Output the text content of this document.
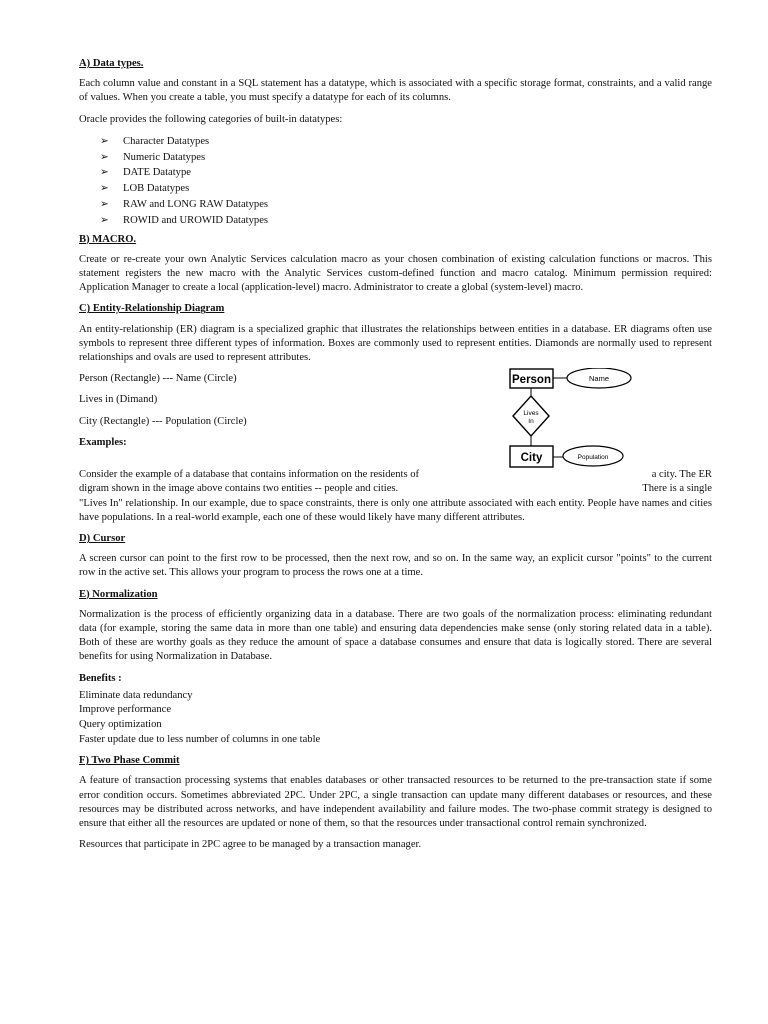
A) Data types.

Each column value and constant in a SQL statement has a datatype, which is associated with a specific storage format, constraints, and a valid range of values. When you create a table, you must specify a datatype for each of its columns.

Oracle provides the following categories of built-in datatypes:

➢ Character Datatypes
➢ Numeric Datatypes
➢ DATE Datatype
➢ LOB Datatypes
➢ RAW and LONG RAW Datatypes
➢ ROWID and UROWID Datatypes
B) MACRO.

Create or re-create your own Analytic Services calculation macro as your chosen combination of existing calculation functions or macros. This statement registers the new macro with the Analytic Services custom-defined function and macro catalog. Minimum permission required: Application Manager to create a local (application-level) macro. Administrator to create a global (system-level) macro.

C) Entity-Relationship Diagram

An entity-relationship (ER) diagram is a specialized graphic that illustrates the relationships between entities in a database. ER diagrams often use symbols to represent three different types of information. Boxes are commonly used to represent entities. Diamonds are normally used to represent relationships and ovals are used to represent attributes.

Person (Rectangle) --- Name (Circle)
Lives in (Dimand)
City (Rectangle) --- Population (Circle)
Examples:
Person	Name
Lives
In
City	Population
Consider the example of a database that contains information on the residents of	a city. The ER
digram shown in the image above contains two entities -- people and cities.	There is a single

"Lives In" relationship. In our example, due to space constraints, there is only one attribute associated with each entity. People have names and cities have populations. In a real-world example, each one of these would likely have many different attributes.

D) Cursor

A screen cursor can point to the first row to be processed, then the next row, and so on. In the same way, an explicit cursor "points" to the current row in the active set. This allows your program to process the rows one at a time.

E) Normalization

Normalization is the process of efficiently organizing data in a database. There are two goals of the normalization process: eliminating redundant data (for example, storing the same data in more than one table) and ensuring data dependencies make sense (only storing related data in a table). Both of these are worthy goals as they reduce the amount of space a database consumes and ensure that data is logically stored. There are several benefits for using Normalization in Database.

Benefits :
Eliminate data redundancy
Improve performance
Query optimization
Faster update due to less number of columns in one table
F) Two Phase Commit

A feature of transaction processing systems that enables databases or other transacted resources to be returned to the pre-transaction state if some error condition occurs. Sometimes abbreviated 2PC. Under 2PC, a single transaction can update many different databases or resources, and these resources may be distributed across networks, and have independent availability and failure modes. The two-phase commit strategy is designed to ensure that either all the resources are updated or none of them, so that the resources under transactional control remain synchronized.

Resources that participate in 2PC agree to be managed by a transaction manager.
